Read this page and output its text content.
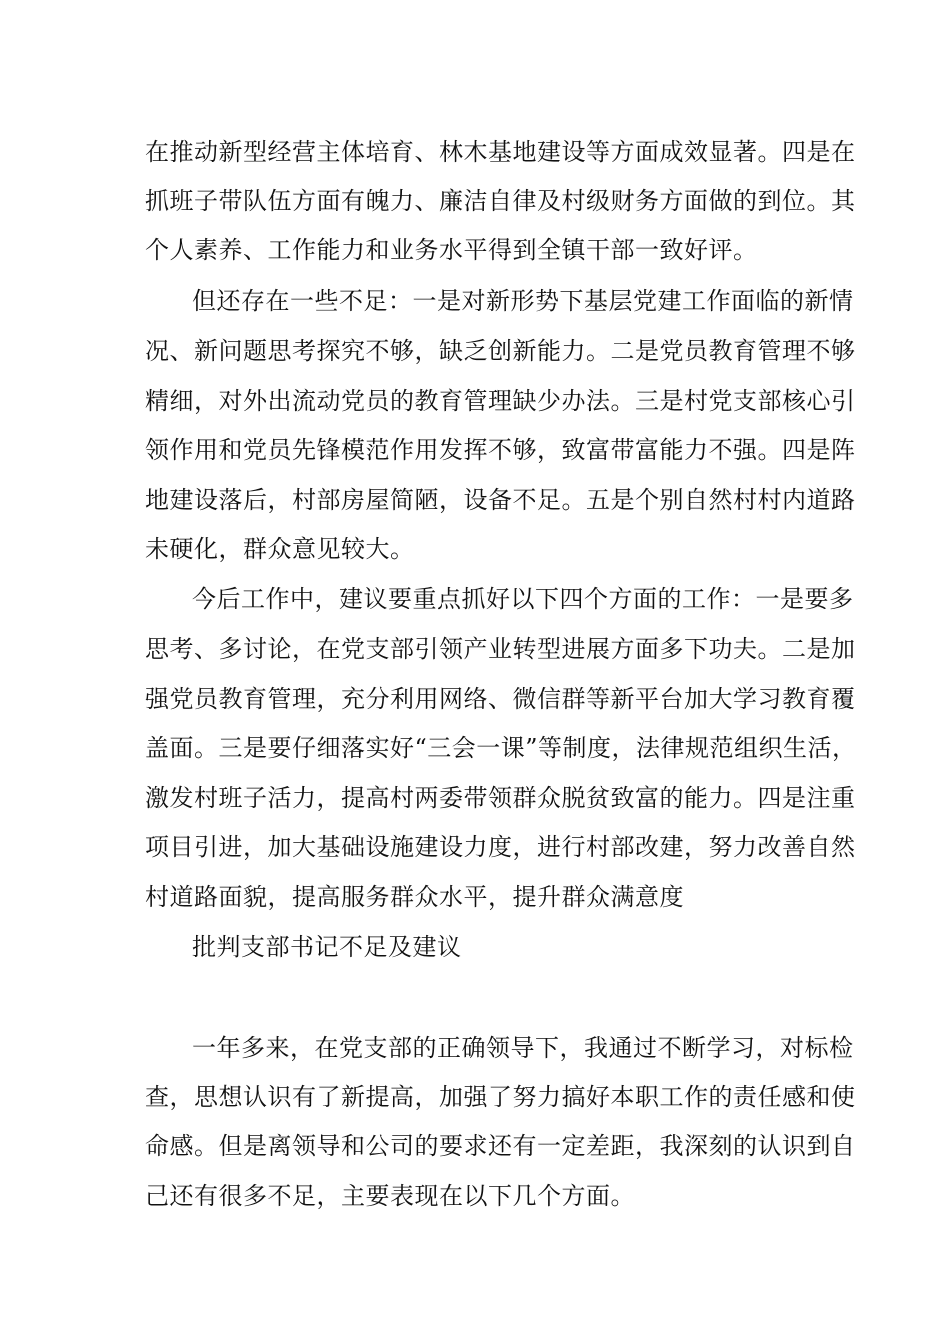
在推动新型经营主体培育、林木基地建设等方面成效显著。四是在
抓班子带队伍方面有魄力、廉洁自律及村级财务方面做的到位。其
个人素养、工作能力和业务水平得到全镇干部一致好评。
但还存在一些不足：一是对新形势下基层党建工作面临的新情
况、新问题思考探究不够，缺乏创新能力。二是党员教育管理不够
精细，对外出流动党员的教育管理缺少办法。三是村党支部核心引
领作用和党员先锋模范作用发挥不够，致富带富能力不强。四是阵
地建设落后，村部房屋简陋，设备不足。五是个别自然村村内道路
未硬化，群众意见较大。
今后工作中，建议要重点抓好以下四个方面的工作：一是要多
思考、多讨论，在党支部引领产业转型进展方面多下功夫。二是加
强党员教育管理，充分利用网络、微信群等新平台加大学习教育覆
盖面。三是要仔细落实好“三会一课”等制度，法律规范组织生活，
激发村班子活力，提高村两委带领群众脱贫致富的能力。四是注重
项目引进，加大基础设施建设力度，进行村部改建，努力改善自然
村道路面貌，提高服务群众水平，提升群众满意度
批判支部书记不足及建议
一年多来，在党支部的正确领导下，我通过不断学习，对标检
查，思想认识有了新提高，加强了努力搞好本职工作的责任感和使
命感。但是离领导和公司的要求还有一定差距，我深刻的认识到自
己还有很多不足，主要表现在以下几个方面。
